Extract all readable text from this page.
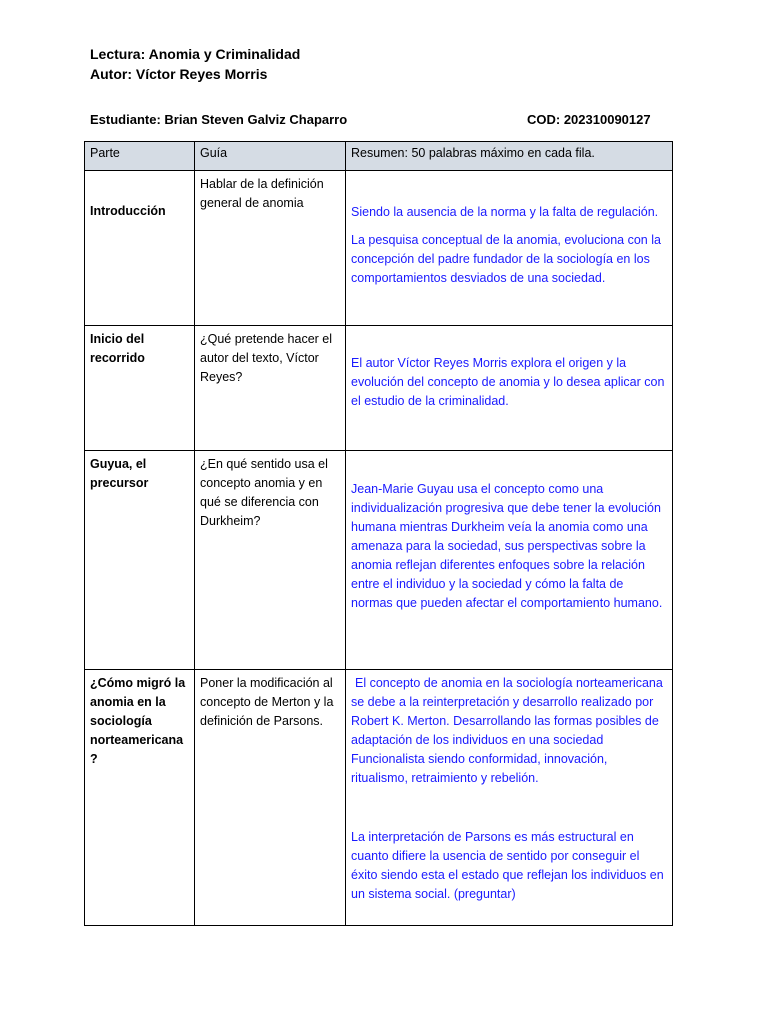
Lectura: Anomia y Criminalidad
Autor: Víctor Reyes Morris
Estudiante: Brian Steven Galviz Chaparro	COD: 202310090127
Parte	Guía	Resumen: 50 palabras máximo en cada fila.

Introducción	Hablar de la definición general de anomia	Siendo la ausencia de la norma y la falta de regulación.

La pesquisa conceptual de la anomia, evoluciona con la concepción del padre fundador de la sociología en los comportamientos desviados de una sociedad.

Inicio del recorrido	¿Qué pretende hacer el autor del texto, Víctor Reyes?	El autor Víctor Reyes Morris explora el origen y la evolución del concepto de anomia y lo desea aplicar con el estudio de la criminalidad.

Guyua, el precursor	¿En qué sentido usa el concepto anomia y en qué se diferencia con Durkheim?	Jean-Marie Guyau usa el concepto como una individualización progresiva que debe tener la evolución humana mientras Durkheim veía la anomia como una amenaza para la sociedad, sus perspectivas sobre la anomia reflejan diferentes enfoques sobre la relación entre el individuo y la sociedad y cómo la falta de normas que pueden afectar el comportamiento humano.

¿Cómo migró la anomia en la sociología norteamericana ?	Poner la modificación al concepto de Merton y la definición de Parsons.	El concepto de anomia en la sociología norteamericana se debe a la reinterpretación y desarrollo realizado por Robert K. Merton. Desarrollando las formas posibles de adaptación de los individuos en una sociedad Funcionalista siendo conformidad, innovación, ritualismo, retraimiento y rebelión.

La interpretación de Parsons es más estructural en cuanto difiere la usencia de sentido por conseguir el éxito siendo esta el estado que reflejan los individuos en un sistema social. (preguntar)
